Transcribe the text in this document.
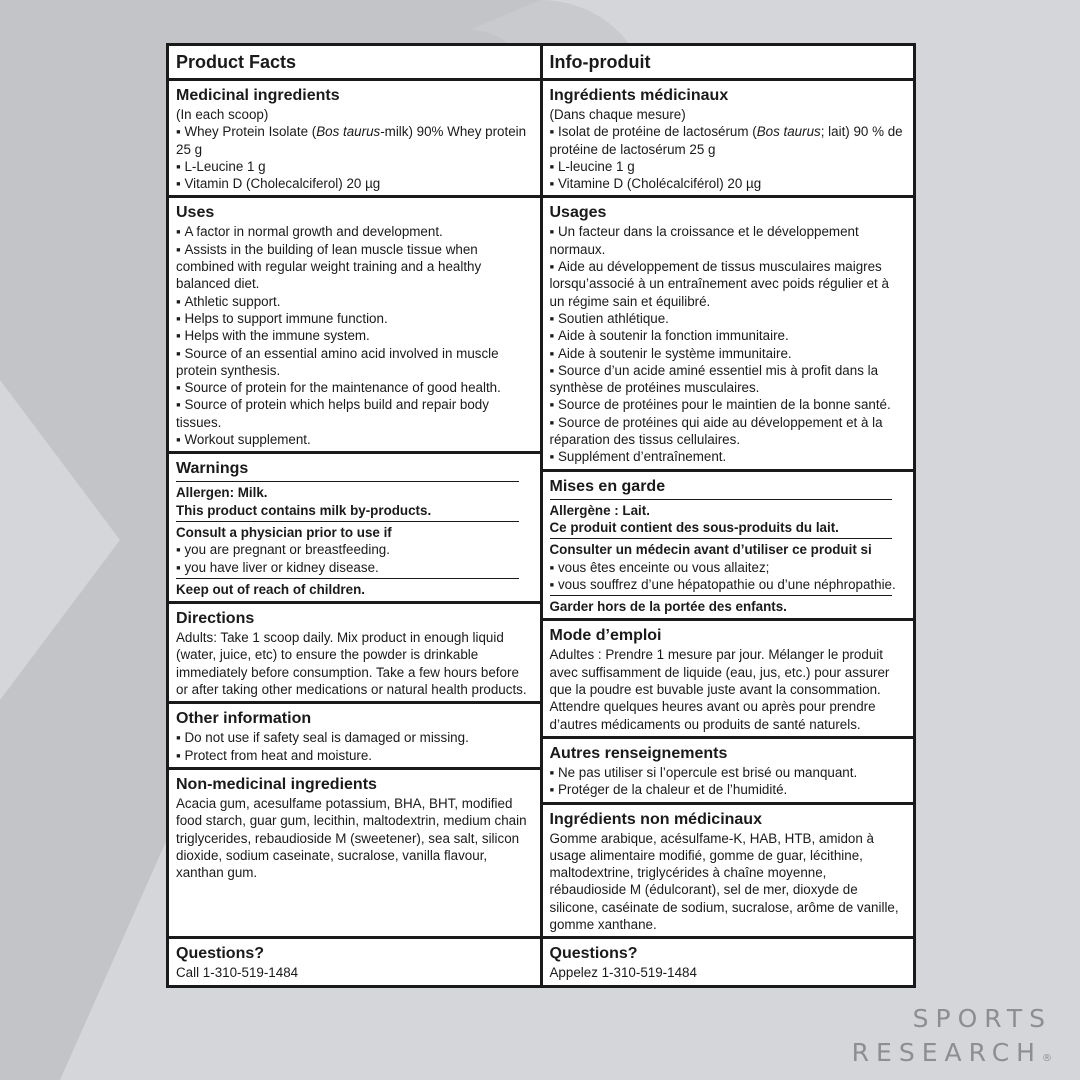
Product Facts
Medicinal ingredients
(In each scoop)
▪ Whey Protein Isolate (Bos taurus-milk) 90% Whey protein 25 g
▪ L-Leucine 1 g
▪ Vitamin D (Cholecalciferol) 20 µg
Uses
▪ A factor in normal growth and development.
▪ Assists in the building of lean muscle tissue when combined with regular weight training and a healthy balanced diet.
▪ Athletic support.
▪ Helps to support immune function.
▪ Helps with the immune system.
▪ Source of an essential amino acid involved in muscle protein synthesis.
▪ Source of protein for the maintenance of good health.
▪ Source of protein which helps build and repair body tissues.
▪ Workout supplement.
Warnings
Allergen: Milk.
This product contains milk by-products.
Consult a physician prior to use if
▪ you are pregnant or breastfeeding.
▪ you have liver or kidney disease.
Keep out of reach of children.
Directions
Adults: Take 1 scoop daily. Mix product in enough liquid (water, juice, etc) to ensure the powder is drinkable immediately before consumption. Take a few hours before or after taking other medications or natural health products.
Other information
▪ Do not use if safety seal is damaged or missing.
▪ Protect from heat and moisture.
Non-medicinal ingredients
Acacia gum, acesulfame potassium, BHA, BHT, modified food starch, guar gum, lecithin, maltodextrin, medium chain triglycerides, rebaudioside M (sweetener), sea salt, silicon dioxide, sodium caseinate, sucralose, vanilla flavour, xanthan gum.
Questions?
Call 1-310-519-1484
Info-produit
Ingrédients médicinaux
(Dans chaque mesure)
▪ Isolat de protéine de lactosérum (Bos taurus; lait) 90 % de protéine de lactosérum 25 g
▪ L-leucine 1 g
▪ Vitamine D (Cholécalciférol) 20 µg
Usages
▪ Un facteur dans la croissance et le développement normaux.
▪ Aide au développement de tissus musculaires maigres lorsqu’associé à un entraînement avec poids régulier et à un régime sain et équilibré.
▪ Soutien athlétique.
▪ Aide à soutenir la fonction immunitaire.
▪ Aide à soutenir le système immunitaire.
▪ Source d’un acide aminé essentiel mis à profit dans la synthèse de protéines musculaires.
▪ Source de protéines pour le maintien de la bonne santé.
▪ Source de protéines qui aide au développement et à la réparation des tissus cellulaires.
▪ Supplément d’entraînement.
Mises en garde
Allergène : Lait.
Ce produit contient des sous-produits du lait.
Consulter un médecin avant d’utiliser ce produit si
▪ vous êtes enceinte ou vous allaitez;
▪ vous souffrez d’une hépatopathie ou d’une néphropathie.
Garder hors de la portée des enfants.
Mode d’emploi
Adultes : Prendre 1 mesure par jour. Mélanger le produit avec suffisamment de liquide (eau, jus, etc.) pour assurer que la poudre est buvable juste avant la consommation. Attendre quelques heures avant ou après pour prendre d’autres médicaments ou produits de santé naturels.
Autres renseignements
▪ Ne pas utiliser si l’opercule est brisé ou manquant.
▪ Protéger de la chaleur et de l’humidité.
Ingrédients non médicinaux
Gomme arabique, acésulfame-K, HAB, HTB, amidon à usage alimentaire modifié, gomme de guar, lécithine, maltodextrine, triglycérides à chaîne moyenne, rébaudioside M (édulcorant), sel de mer, dioxyde de silicone, caséinate de sodium, sucralose, arôme de vanille, gomme xanthane.
Questions?
Appelez 1-310-519-1484
SPORTS
RESEARCH®
